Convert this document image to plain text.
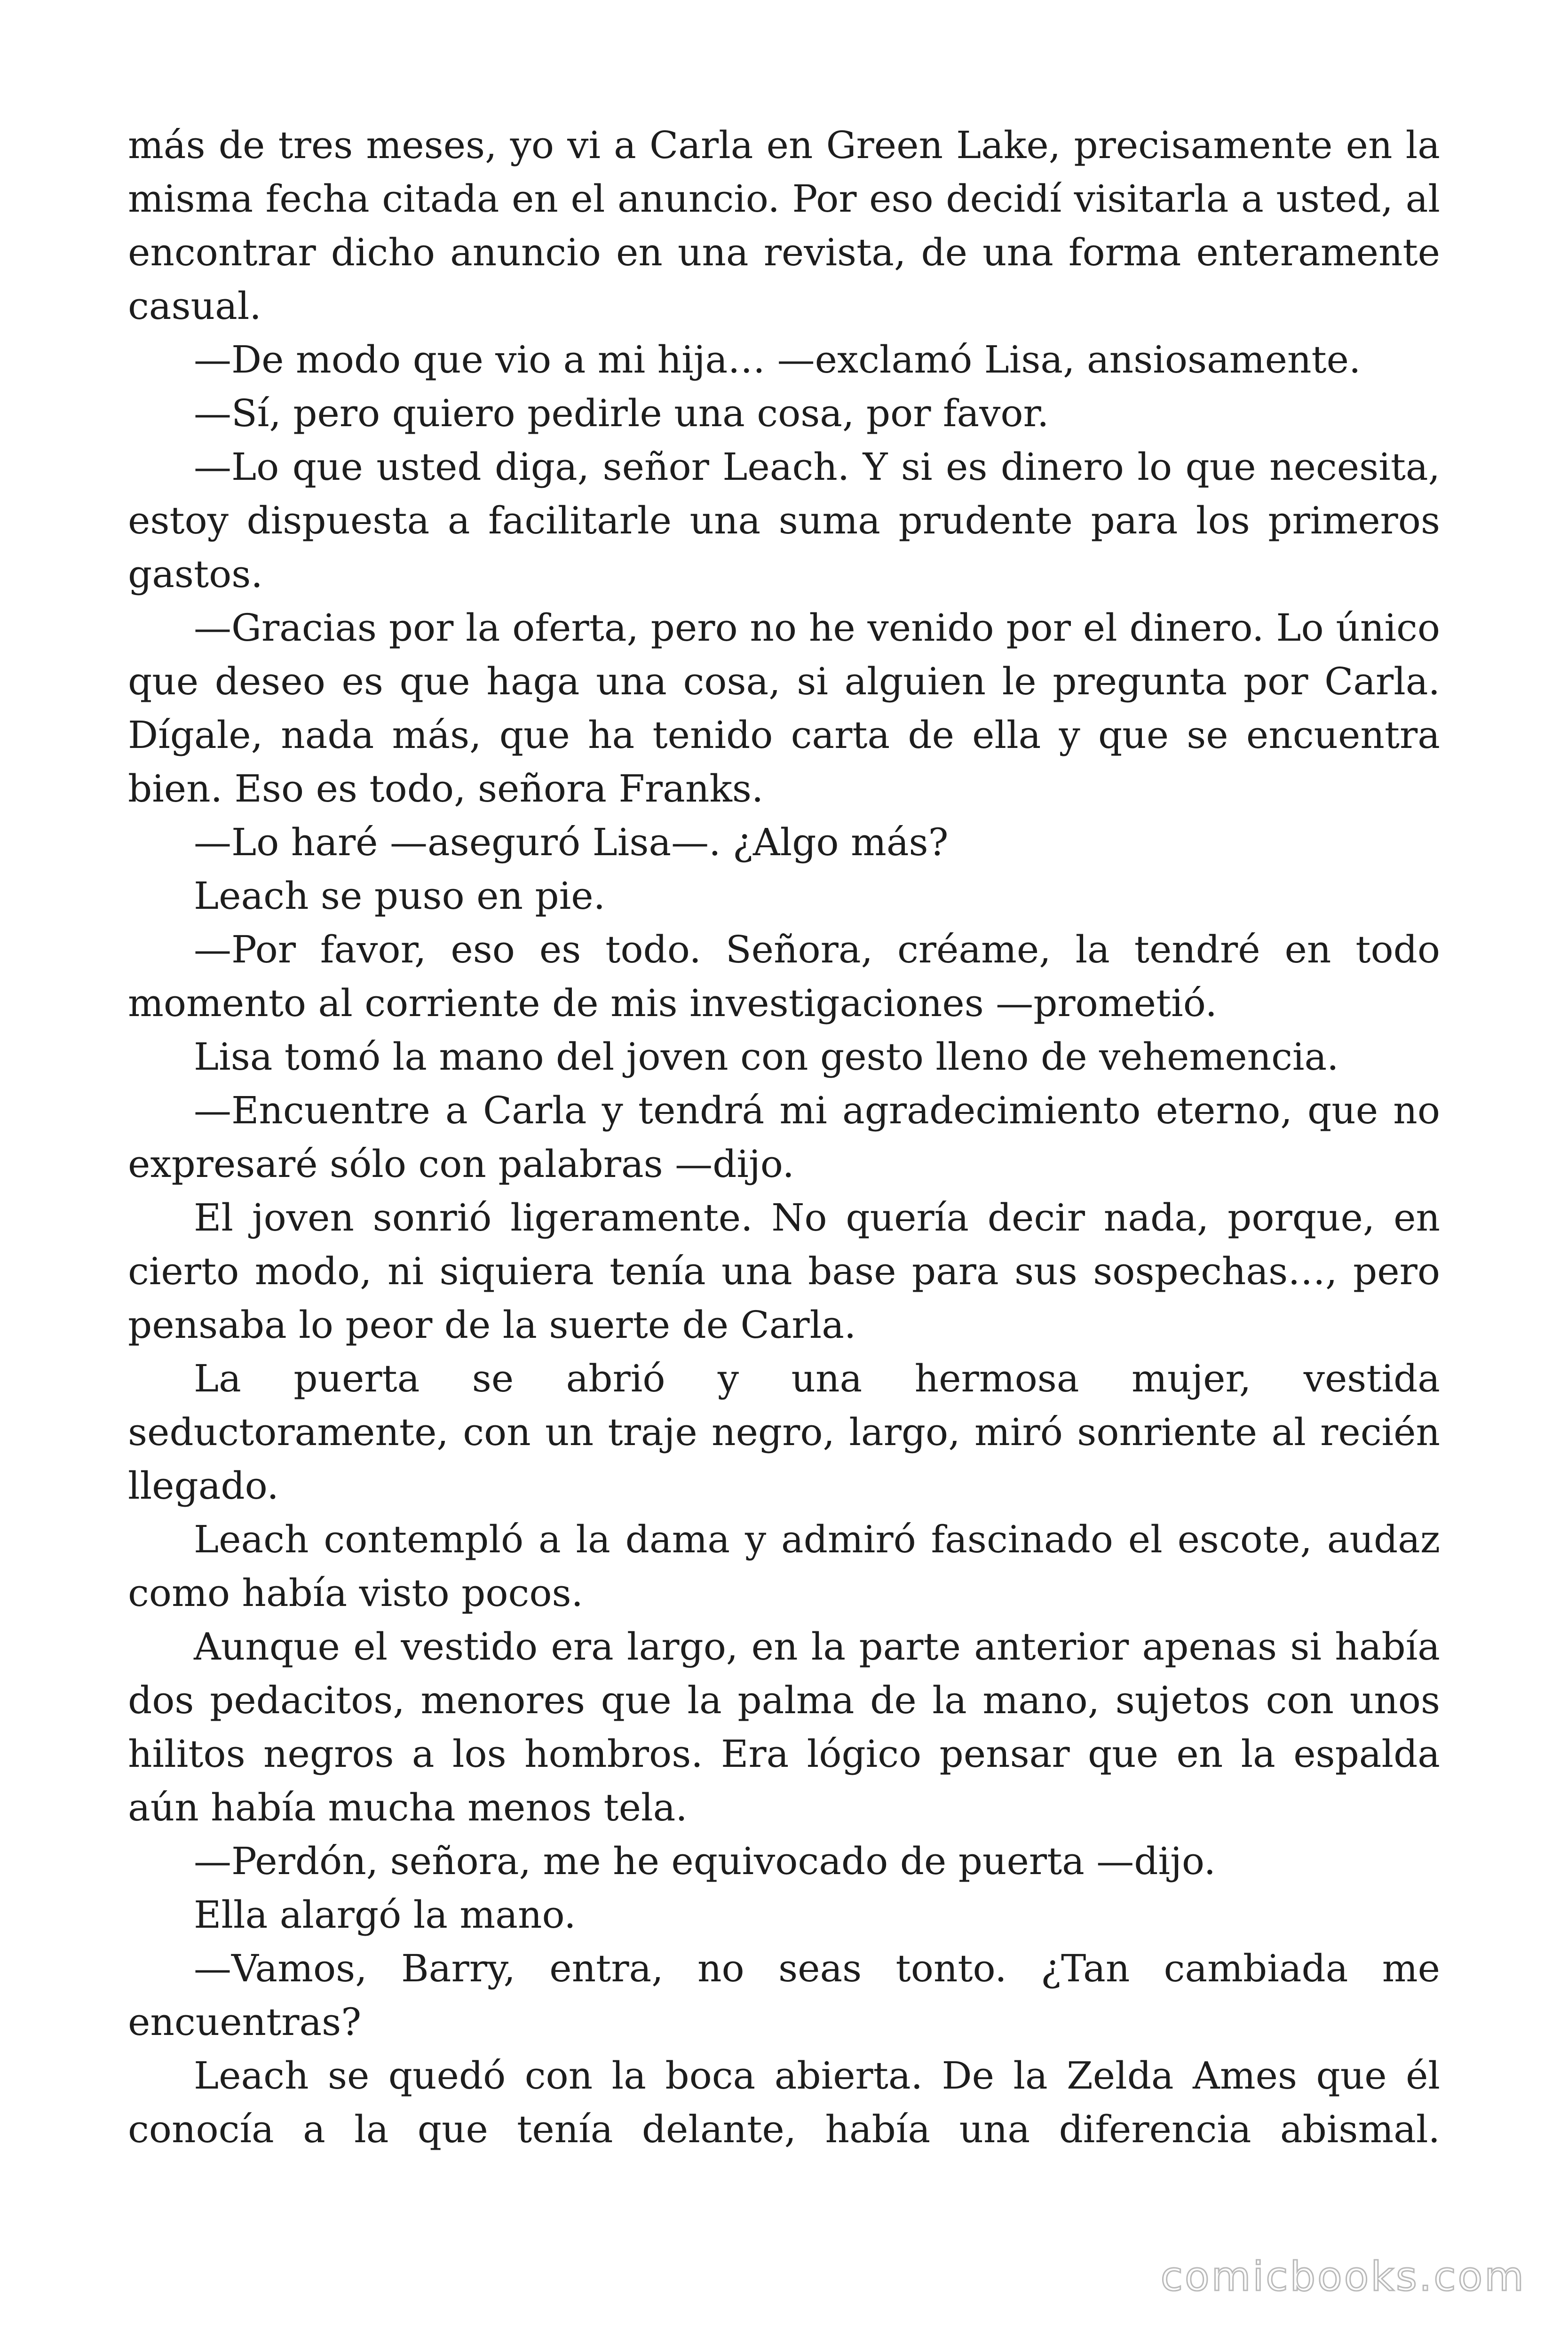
más de tres meses, yo vi a Carla en Green Lake, precisamente en la misma fecha citada en el anuncio. Por eso decidí visitarla a usted, al encontrar dicho anuncio en una revista, de una forma enteramente casual.

—De modo que vio a mi hija… —exclamó Lisa, ansiosamente.

—Sí, pero quiero pedirle una cosa, por favor.

—Lo que usted diga, señor Leach. Y si es dinero lo que necesita, estoy dispuesta a facilitarle una suma prudente para los primeros gastos.

—Gracias por la oferta, pero no he venido por el dinero. Lo único que deseo es que haga una cosa, si alguien le pregunta por Carla. Dígale, nada más, que ha tenido carta de ella y que se encuentra bien. Eso es todo, señora Franks.

—Lo haré —aseguró Lisa—. ¿Algo más?

Leach se puso en pie.

—Por favor, eso es todo. Señora, créame, la tendré en todo momento al corriente de mis investigaciones —prometió.

Lisa tomó la mano del joven con gesto lleno de vehemencia.

—Encuentre a Carla y tendrá mi agradecimiento eterno, que no expresaré sólo con palabras —dijo.

El joven sonrió ligeramente. No quería decir nada, porque, en cierto modo, ni siquiera tenía una base para sus sospechas…, pero pensaba lo peor de la suerte de Carla.

La puerta se abrió y una hermosa mujer, vestida seductoramente, con un traje negro, largo, miró sonriente al recién llegado.

Leach contempló a la dama y admiró fascinado el escote, audaz como había visto pocos.

Aunque el vestido era largo, en la parte anterior apenas si había dos pedacitos, menores que la palma de la mano, sujetos con unos hilitos negros a los hombros. Era lógico pensar que en la espalda aún había mucha menos tela.

—Perdón, señora, me he equivocado de puerta —dijo.

Ella alargó la mano.

—Vamos, Barry, entra, no seas tonto. ¿Tan cambiada me encuentras?

Leach se quedó con la boca abierta. De la Zelda Ames que él conocía a la que tenía delante, había una diferencia abismal.

comicbooks.com
